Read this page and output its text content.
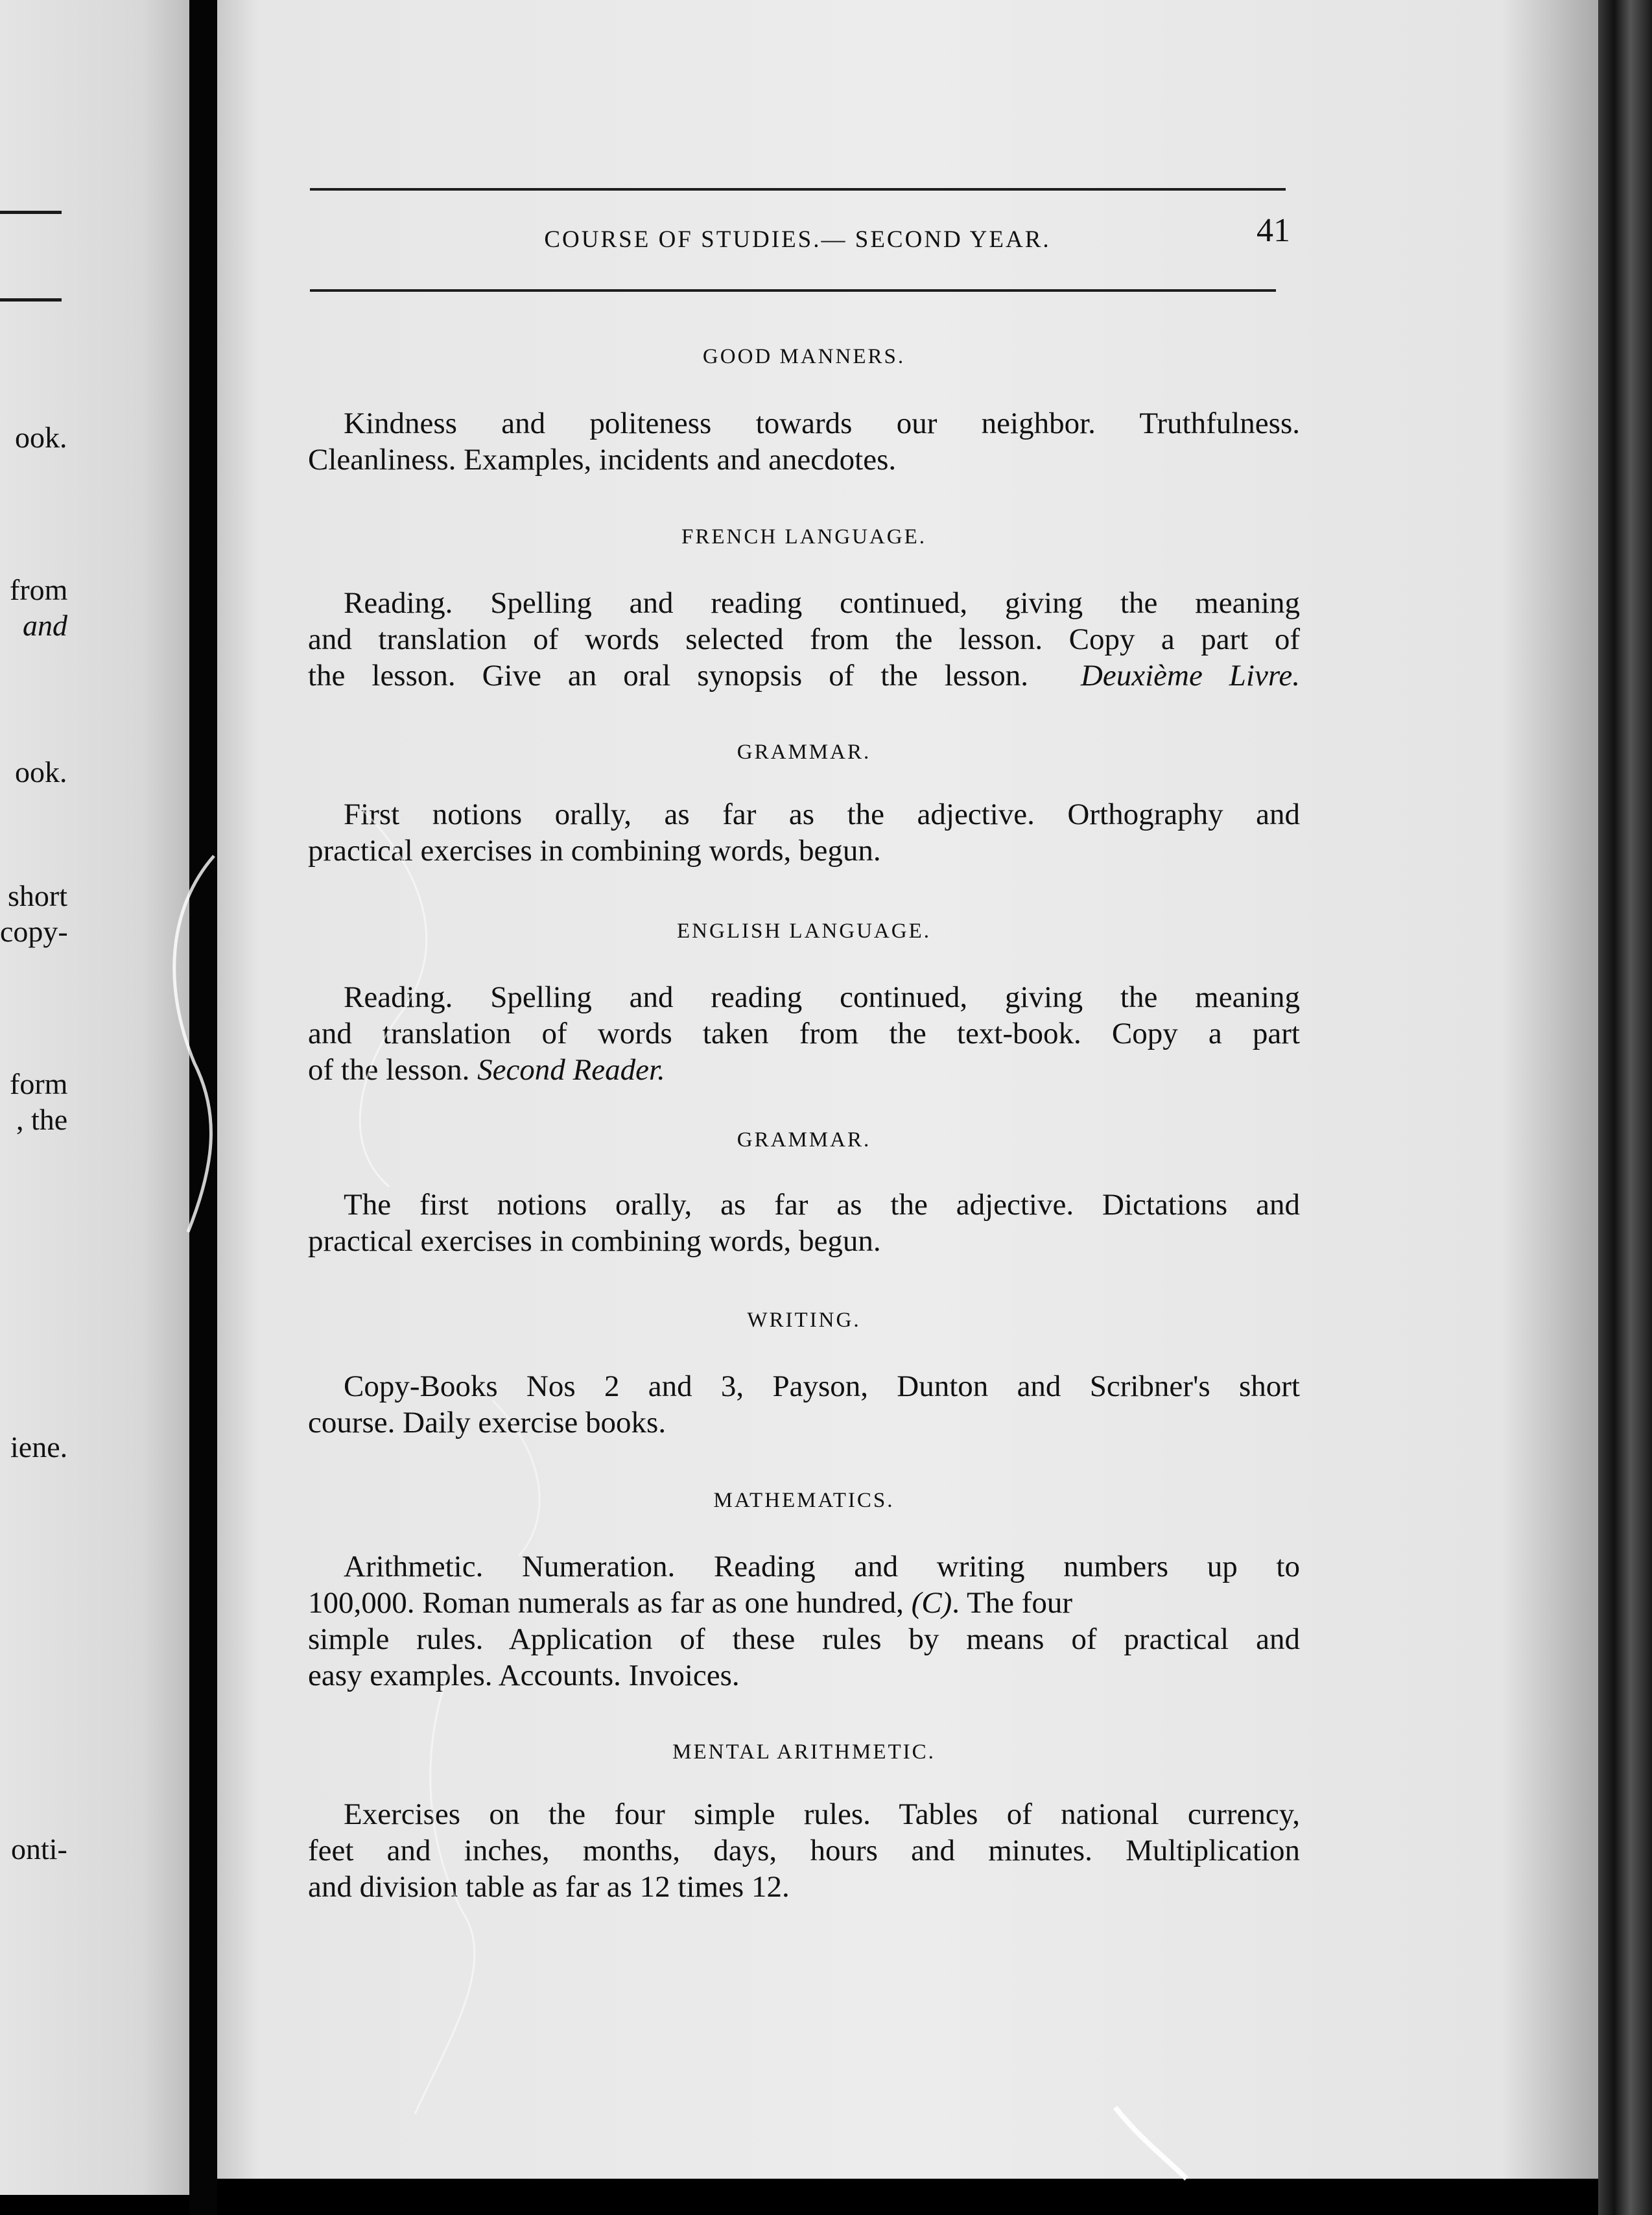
ook.
from
and
ook.
short
copy-
form
, the
iene.
onti-
COURSE OF STUDIES.— SECOND YEAR.	41
GOOD MANNERS.
Kindness and politeness towards our neighbor. Truthfulness.
Cleanliness. Examples, incidents and anecdotes.
FRENCH LANGUAGE.
Reading. Spelling and reading continued, giving the meaning
and translation of words selected from the lesson. Copy a part of
the lesson. Give an oral synopsis of the lesson. Deuxième Livre.
GRAMMAR.
First notions orally, as far as the adjective. Orthography and
practical exercises in combining words, begun.
ENGLISH LANGUAGE.
Reading. Spelling and reading continued, giving the meaning
and translation of words taken from the text-book. Copy a part
of the lesson. Second Reader.
GRAMMAR.
The first notions orally, as far as the adjective. Dictations and
practical exercises in combining words, begun.
WRITING.
Copy-Books Nos 2 and 3, Payson, Dunton and Scribner's short
course. Daily exercise books.
MATHEMATICS.
Arithmetic. Numeration. Reading and writing numbers up to
100,000. Roman numerals as far as one hundred, (C). The four
simple rules. Application of these rules by means of practical and
easy examples. Accounts. Invoices.
MENTAL ARITHMETIC.
Exercises on the four simple rules. Tables of national currency,
feet and inches, months, days, hours and minutes. Multiplication
and division table as far as 12 times 12.
